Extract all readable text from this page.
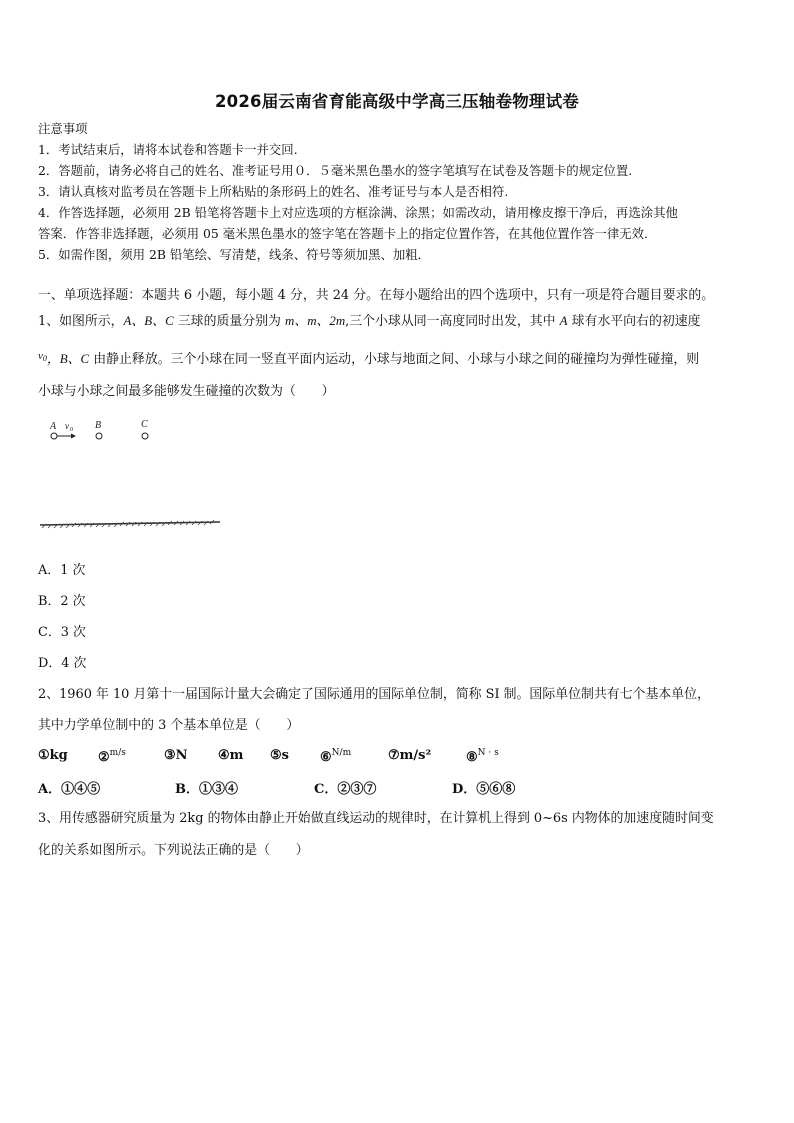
2026届云南省育能高级中学高三压轴卷物理试卷
注意事项
1．考试结束后，请将本试卷和答题卡一并交回.
2．答题前，请务必将自己的姓名、准考证号用０．５毫米黑色墨水的签字笔填写在试卷及答题卡的规定位置.
3．请认真核对监考员在答题卡上所粘贴的条形码上的姓名、准考证号与本人是否相符.
4．作答选择题，必须用 2B 铅笔将答题卡上对应选项的方框涂满、涂黑；如需改动，请用橡皮擦干净后，再选涂其他
答案．作答非选择题，必须用 05 毫米黑色墨水的签字笔在答题卡上的指定位置作答，在其他位置作答一律无效．
5．如需作图，须用 2B 铅笔绘、写清楚，线条、符号等须加黑、加粗．
一、单项选择题：本题共 6 小题，每小题 4 分，共 24 分。在每小题给出的四个选项中，只有一项是符合题目要求的。
1、如图所示，A、B、C 三球的质量分别为 m、m、2m,三个小球从同一高度同时出发，其中 A 球有水平向右的初速度
v0，B、C 由静止释放。三个小球在同一竖直平面内运动，小球与地面之间、小球与小球之间的碰撞均为弹性碰撞，则
小球与小球之间最多能够发生碰撞的次数为（　　）
A v 0 B	C
A．1 次
B．2 次
C．3 次
D．4 次
2、1960 年 10 月第十一届国际计量大会确定了国际通用的国际单位制，简称 SI 制。国际单位制共有七个基本单位，
其中力学单位制中的 3 个基本单位是（　　）
①kg ②$^{m/s}$	③N ④m ⑤s ⑥$^{N/m}$	⑦m/s²	⑧$^{N \cdot s}$
A．①④⑤	B．①③④	C．②③⑦	D．⑤⑥⑧
3、用传感器研究质量为 2kg 的物体由静止开始做直线运动的规律时，在计算机上得到 0~6s 内物体的加速度随时间变
化的关系如图所示。下列说法正确的是（　　）
